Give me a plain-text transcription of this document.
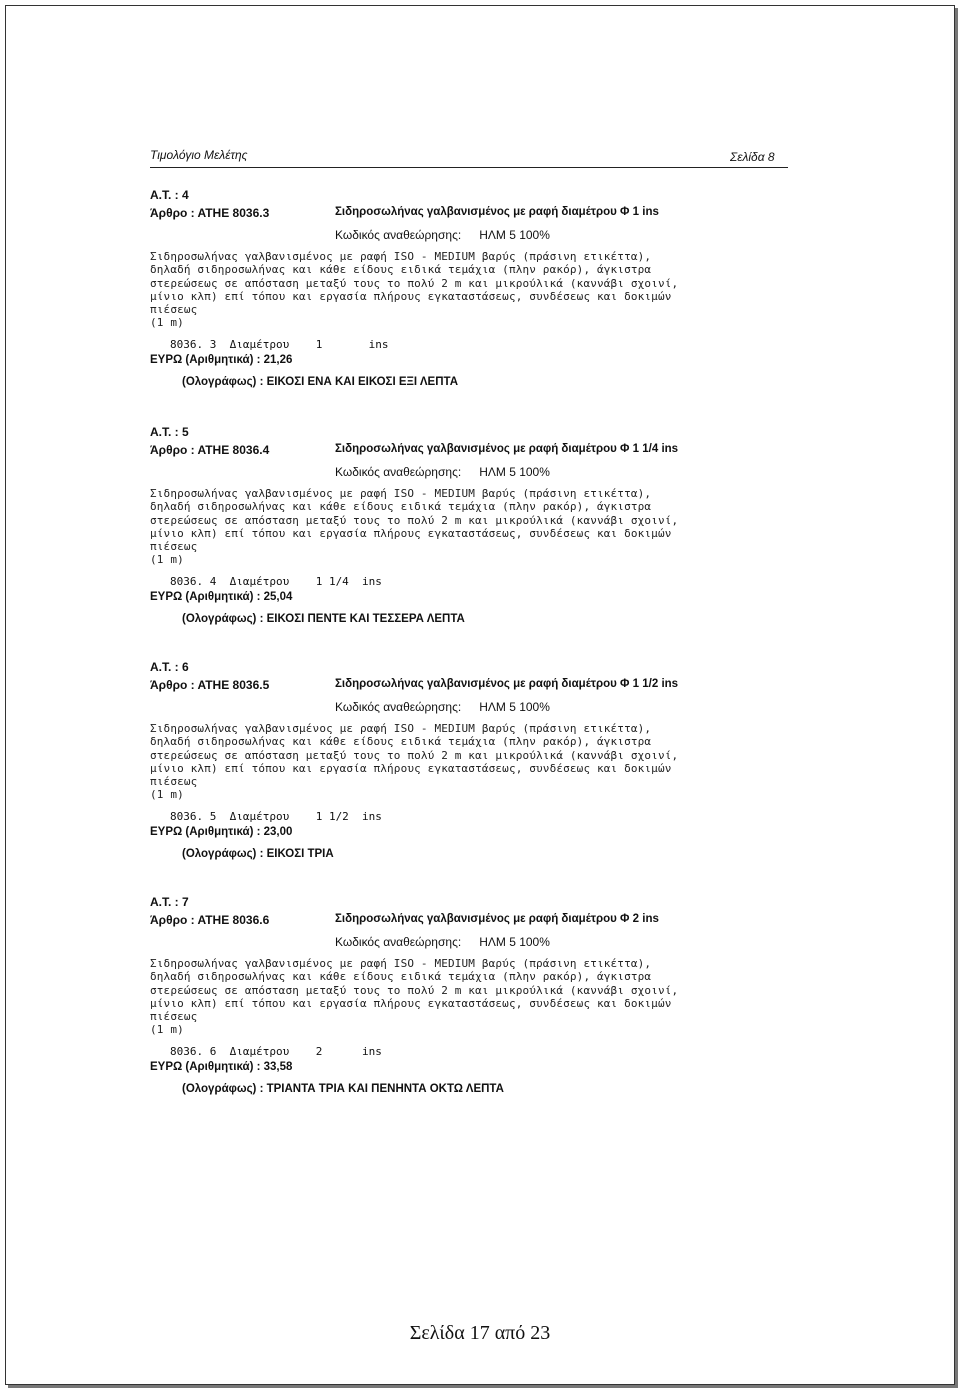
Τιμολόγιο Μελέτης	Σελίδα 8
Α.Τ. : 4
Άρθρο : ΑΤΗΕ 8036.3	Σιδηροσωλήνας γαλβανισμένος με ραφή διαμέτρου Φ 1 ins
Κωδικός αναθεώρησης: ΗΛΜ 5 100%
Σιδηροσωλήνας γαλβανισμένος με ραφή ISO - MEDIUM βαρύς (πράσινη ετικέττα),
δηλαδή σιδηροσωλήνας και κάθε είδους ειδικά τεμάχια (πλην ρακόρ), άγκιστρα
στερεώσεως σε απόσταση μεταξύ τους το πολύ 2 m και μικρούλικά (καννάβι σχοινί,
μίνιο κλπ) επί τόπου και εργασία πλήρους εγκαταστάσεως, συνδέσεως και δοκιμών
πιέσεως
(1 m)
8036. 3  Διαμέτρου    1       ins
ΕΥΡΩ (Αριθμητικά) : 21,26
(Ολογράφως) : ΕΙΚΟΣΙ ΕΝΑ ΚΑΙ ΕΙΚΟΣΙ ΕΞΙ ΛΕΠΤΑ
Α.Τ. : 5
Άρθρο : ΑΤΗΕ 8036.4	Σιδηροσωλήνας γαλβανισμένος με ραφή διαμέτρου Φ 1 1/4 ins
Κωδικός αναθεώρησης: ΗΛΜ 5 100%
Σιδηροσωλήνας γαλβανισμένος με ραφή ISO - MEDIUM βαρύς (πράσινη ετικέττα),
δηλαδή σιδηροσωλήνας και κάθε είδους ειδικά τεμάχια (πλην ρακόρ), άγκιστρα
στερεώσεως σε απόσταση μεταξύ τους το πολύ 2 m και μικρούλικά (καννάβι σχοινί,
μίνιο κλπ) επί τόπου και εργασία πλήρους εγκαταστάσεως, συνδέσεως και δοκιμών
πιέσεως
(1 m)
8036. 4  Διαμέτρου    1 1/4  ins
ΕΥΡΩ (Αριθμητικά) : 25,04
(Ολογράφως) : ΕΙΚΟΣΙ ΠΕΝΤΕ ΚΑΙ ΤΕΣΣΕΡΑ ΛΕΠΤΑ
Α.Τ. : 6
Άρθρο : ΑΤΗΕ 8036.5	Σιδηροσωλήνας γαλβανισμένος με ραφή διαμέτρου Φ 1 1/2 ins
Κωδικός αναθεώρησης: ΗΛΜ 5 100%
Σιδηροσωλήνας γαλβανισμένος με ραφή ISO - MEDIUM βαρύς (πράσινη ετικέττα),
δηλαδή σιδηροσωλήνας και κάθε είδους ειδικά τεμάχια (πλην ρακόρ), άγκιστρα
στερεώσεως σε απόσταση μεταξύ τους το πολύ 2 m και μικρούλικά (καννάβι σχοινί,
μίνιο κλπ) επί τόπου και εργασία πλήρους εγκαταστάσεως, συνδέσεως και δοκιμών
πιέσεως
(1 m)
8036. 5  Διαμέτρου    1 1/2  ins
ΕΥΡΩ (Αριθμητικά) : 23,00
(Ολογράφως) : ΕΙΚΟΣΙ ΤΡΙΑ
Α.Τ. : 7
Άρθρο : ΑΤΗΕ 8036.6	Σιδηροσωλήνας γαλβανισμένος με ραφή διαμέτρου Φ 2 ins
Κωδικός αναθεώρησης: ΗΛΜ 5 100%
Σιδηροσωλήνας γαλβανισμένος με ραφή ISO - MEDIUM βαρύς (πράσινη ετικέττα),
δηλαδή σιδηροσωλήνας και κάθε είδους ειδικά τεμάχια (πλην ρακόρ), άγκιστρα
στερεώσεως σε απόσταση μεταξύ τους το πολύ 2 m και μικρούλικά (καννάβι σχοινί,
μίνιο κλπ) επί τόπου και εργασία πλήρους εγκαταστάσεως, συνδέσεως και δοκιμών
πιέσεως
(1 m)
8036. 6  Διαμέτρου    2      ins
ΕΥΡΩ (Αριθμητικά) : 33,58
(Ολογράφως) : ΤΡΙΑΝΤΑ ΤΡΙΑ ΚΑΙ ΠΕΝΗΝΤΑ ΟΚΤΩ ΛΕΠΤΑ
Σελίδα 17 από 23
